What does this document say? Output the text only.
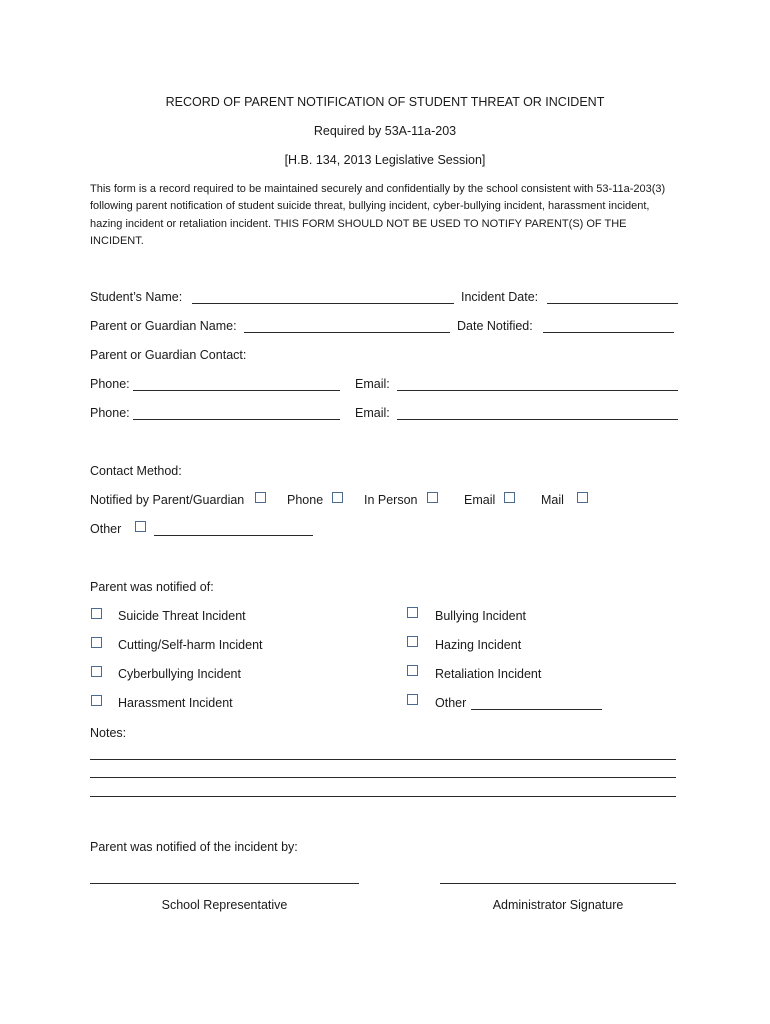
RECORD OF PARENT NOTIFICATION OF STUDENT THREAT OR INCIDENT
Required by 53A-11a-203
[H.B. 134, 2013 Legislative Session]
This form is a record required to be maintained securely and confidentially by the school consistent with 53-11a-203(3) following parent notification of student suicide threat, bullying incident, cyber-bullying incident, harassment incident, hazing incident or retaliation incident. THIS FORM SHOULD NOT BE USED TO NOTIFY PARENT(S) OF THE INCIDENT.
Student’s Name:	Incident Date:
Parent or Guardian Name:	Date Notified:
Parent or Guardian Contact:
Phone:	Email:
Phone:	Email:
Contact Method:
Notified by Parent/Guardian	Phone	In Person	Email	Mail
Other
Parent was notified of:
Suicide Threat Incident	Bullying Incident
Cutting/Self-harm Incident	Hazing Incident
Cyberbullying Incident	Retaliation Incident
Harassment Incident	Other
Notes:
Parent was notified of the incident by:
School Representative	Administrator Signature
